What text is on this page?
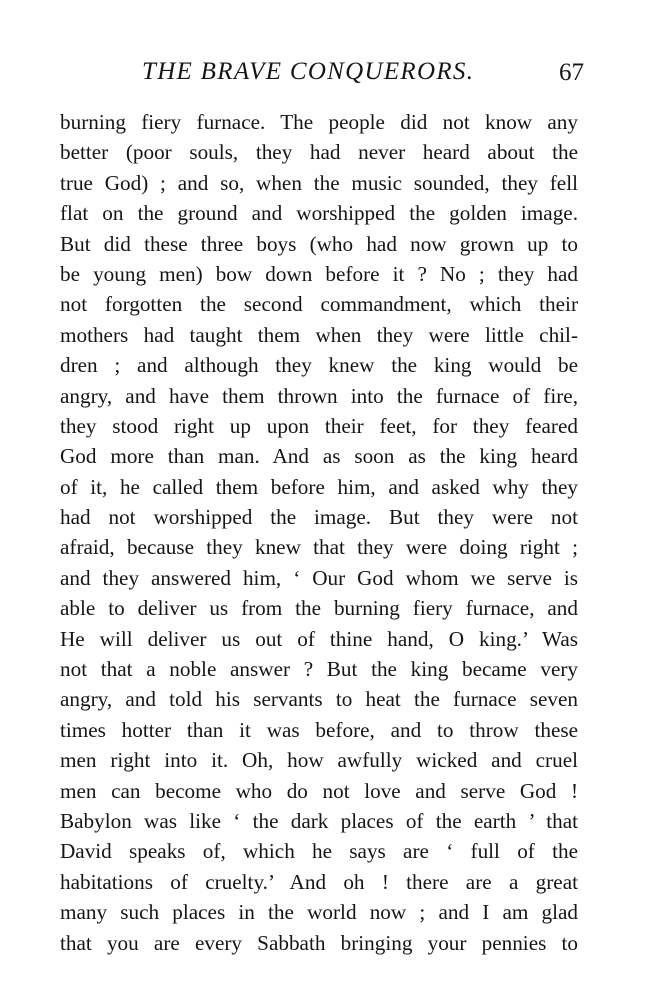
THE BRAVE CONQUERORS.	67
burning fiery furnace. The people did not know any
better (poor souls, they had never heard about the
true God) ; and so, when the music sounded, they fell
flat on the ground and worshipped the golden image.
But did these three boys (who had now grown up to
be young men) bow down before it ? No ; they had
not forgotten the second commandment, which their
mothers had taught them when they were little chil-
dren ; and although they knew the king would be
angry, and have them thrown into the furnace of fire,
they stood right up upon their feet, for they feared
God more than man. And as soon as the king heard
of it, he called them before him, and asked why they
had not worshipped the image. But they were not
afraid, because they knew that they were doing right ;
and they answered him, ‘ Our God whom we serve is
able to deliver us from the burning fiery furnace, and
He will deliver us out of thine hand, O king.’ Was
not that a noble answer ? But the king became very
angry, and told his servants to heat the furnace seven
times hotter than it was before, and to throw these
men right into it. Oh, how awfully wicked and cruel
men can become who do not love and serve God !
Babylon was like ‘ the dark places of the earth ’ that
David speaks of, which he says are ‘ full of the
habitations of cruelty.’ And oh ! there are a great
many such places in the world now ; and I am glad
that you are every Sabbath bringing your pennies to
